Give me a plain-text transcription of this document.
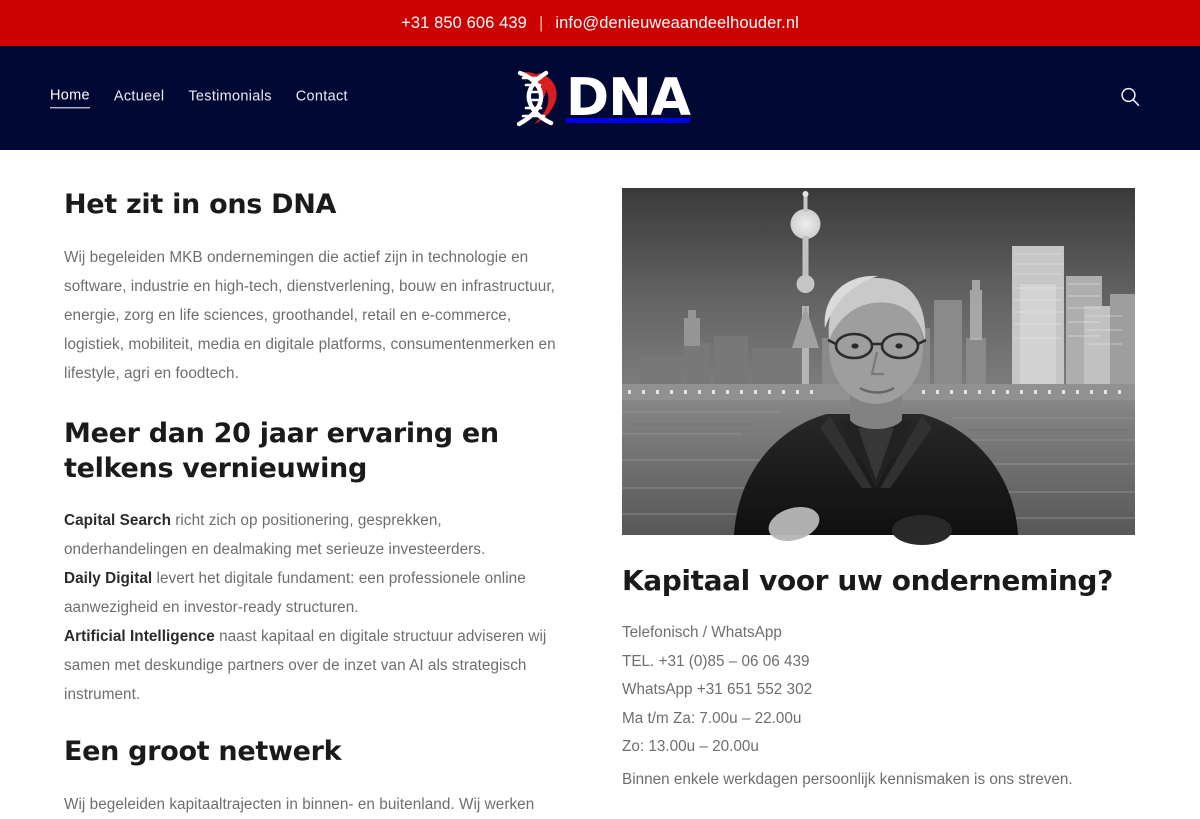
+31 850 606 439 | info@denieuweaandeelhouder.nl
Home Actueel Testimonials Contact	DNA
Het zit in ons DNA

Wij begeleiden MKB ondernemingen die actief zijn in technologie en software, industrie en high-tech, dienstverlening, bouw en infrastructuur, energie, zorg en life sciences, groothandel, retail en e-commerce, logistiek, mobiliteit, media en digitale platforms, consumentenmerken en lifestyle, agri en foodtech.

Meer dan 20 jaar ervaring en telkens vernieuwing

Capital Search richt zich op positionering, gesprekken, onderhandelingen en dealmaking met serieuze investeerders.

Daily Digital levert het digitale fundament: een professionele online aanwezigheid en investor-ready structuren.

Artificial Intelligence naast kapitaal en digitale structuur adviseren wij samen met deskundige partners over de inzet van AI als strategisch instrument.

Een groot netwerk

Wij begeleiden kapitaaltrajecten in binnen- en buitenland. Wij werken

Kapitaal voor uw onderneming?
Telefonisch / WhatsApp
TEL. +31 (0)85 – 06 06 439
WhatsApp +31 651 552 302
Ma t/m Za: 7.00u – 22.00u
Zo: 13.00u – 20.00u
Binnen enkele werkdagen persoonlijk kennismaken is ons streven.
